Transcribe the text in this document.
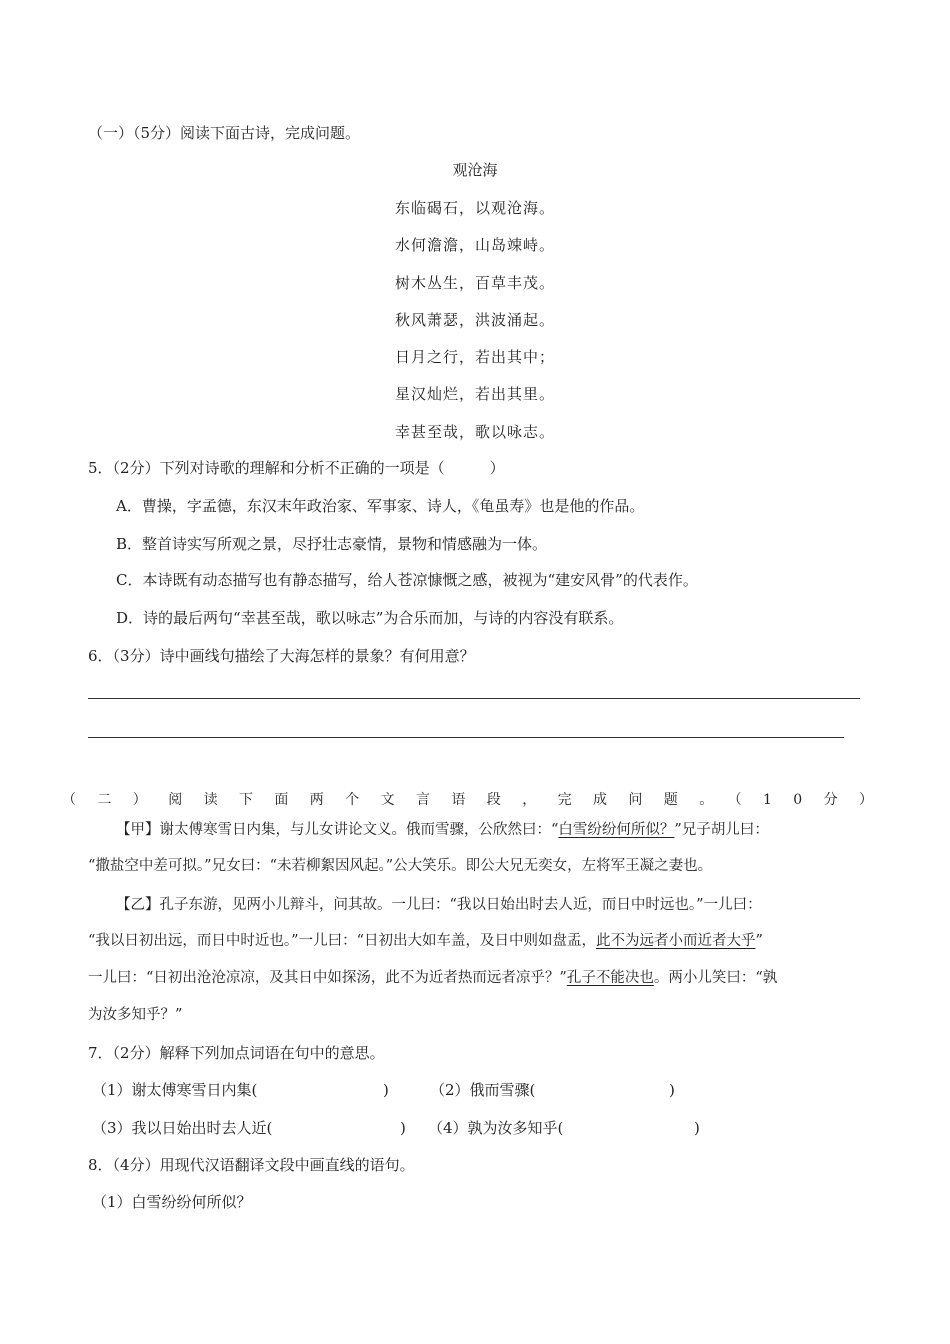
（一）（5分）阅读下面古诗，完成问题。
观沧海
东临碣石，以观沧海。
水何澹澹，山岛竦峙。
树木丛生，百草丰茂。
秋风萧瑟，洪波涌起。
日月之行，若出其中；
星汉灿烂，若出其里。
幸甚至哉，歌以咏志。
5．（2分）下列对诗歌的理解和分析不正确的一项是（　　　）
A．曹操，字孟德，东汉末年政治家、军事家、诗人，《龟虽寿》也是他的作品。
B．整首诗实写所观之景，尽抒壮志豪情，景物和情感融为一体。
C．本诗既有动态描写也有静态描写，给人苍凉慷慨之感，被视为“建安风骨”的代表作。
D．诗的最后两句“幸甚至哉，歌以咏志”为合乐而加，与诗的内容没有联系。
6．（3分）诗中画线句描绘了大海怎样的景象？有何用意？
（二）阅读下面两个文言语段，完成问题。（10分）
【甲】谢太傅寒雪日内集，与儿女讲论文义。俄而雪骤，公欣然曰：“白雪纷纷何所似？”兄子胡儿曰：
“撒盐空中差可拟。”兄女曰：“未若柳絮因风起。”公大笑乐。即公大兄无奕女，左将军王凝之妻也。
【乙】孔子东游，见两小儿辩斗，问其故。一儿曰：“我以日始出时去人近，而日中时远也。”一儿曰：
“我以日初出远，而日中时近也。”一儿曰：“日初出大如车盖，及日中则如盘盂，此不为远者小而近者大乎”
一儿曰：“日初出沧沧凉凉，及其日中如探汤，此不为近者热而远者凉乎？”孔子不能决也。两小儿笑曰：“孰
为汝多知乎？”
7．（2分）解释下列加点词语在句中的意思。
（1）谢太傅寒雪日内集(	)	（2）俄而雪骤(	)
（3）我以日始出时去人近(	) （4）孰为汝多知乎(	)
8．（4分）用现代汉语翻译文段中画直线的语句。
（1）白雪纷纷何所似？
